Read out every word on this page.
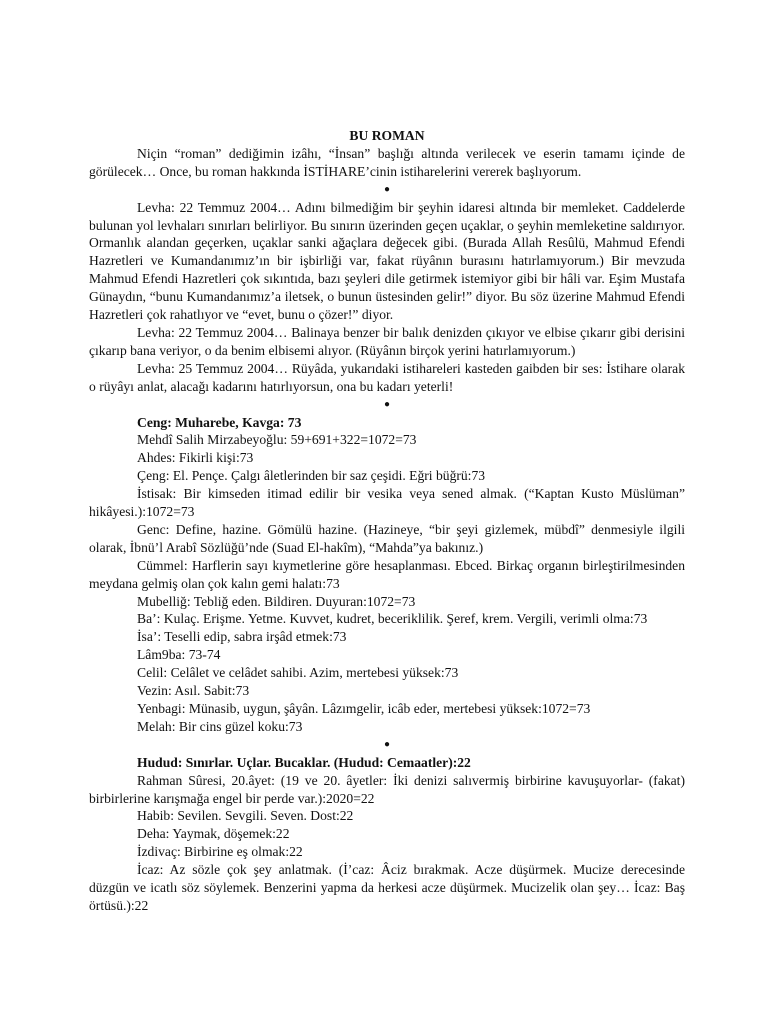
BU ROMAN

Niçin “roman” dediğimin izâhı, “İnsan” başlığı altında verilecek ve eserin tamamı içinde de görülecek… Once, bu roman hakkında İSTİHARE’cinin istiharelerini vererek başlıyorum.

●

Levha: 22 Temmuz 2004… Adını bilmediğim bir şeyhin idaresi altında bir memleket. Caddelerde bulunan yol levhaları sınırları belirliyor. Bu sınırın üzerinden geçen uçaklar, o şeyhin memleketine saldırıyor. Ormanlık alandan geçerken, uçaklar sanki ağaçlara değecek gibi. (Burada Allah Resûlü, Mahmud Efendi Hazretleri ve Kumandanımız’ın bir işbirliği var, fakat rüyânın burasını hatırlamıyorum.) Bir mevzuda Mahmud Efendi Hazretleri çok sıkıntıda, bazı şeyleri dile getirmek istemiyor gibi bir hâli var. Eşim Mustafa Günaydın, “bunu Kumandanımız’a iletsek, o bunun üstesinden gelir!” diyor. Bu söz üzerine Mahmud Efendi Hazretleri çok rahatlıyor ve “evet, bunu o çözer!” diyor.

Levha: 22 Temmuz 2004… Balinaya benzer bir balık denizden çıkıyor ve elbise çıkarır gibi derisini çıkarıp bana veriyor, o da benim elbisemi alıyor. (Rüyânın birçok yerini hatırlamıyorum.)

Levha: 25 Temmuz 2004… Rüyâda, yukarıdaki istihareleri kasteden gaibden bir ses: İstihare olarak o rüyâyı anlat, alacağı kadarını hatırlıyorsun, ona bu kadarı yeterli!

●

Ceng: Muharebe, Kavga: 73

Mehdî Salih Mirzabeyoğlu: 59+691+322=1072=73

Ahdes: Fikirli kişi:73

Çeng: El. Pençe. Çalgı âletlerinden bir saz çeşidi. Eğri büğrü:73

İstisak: Bir kimseden itimad edilir bir vesika veya sened almak. (“Kaptan Kusto Müslüman” hikâyesi.):1072=73

Genc: Define, hazine. Gömülü hazine. (Hazineye, “bir şeyi gizlemek, mübdî” denmesiyle ilgili olarak, İbnü’l Arabî Sözlüğü’nde (Suad El-hakîm), “Mahda”ya bakınız.)

Cümmel: Harflerin sayı kıymetlerine göre hesaplanması. Ebced. Birkaç organın birleştirilmesinden meydana gelmiş olan çok kalın gemi halatı:73

Mubelliğ: Tebliğ eden. Bildiren. Duyuran:1072=73

Ba’: Kulaç. Erişme. Yetme. Kuvvet, kudret, beceriklilik. Şeref, krem. Vergili, verimli olma:73

İsa’: Teselli edip, sabra irşâd etmek:73

Lâm9ba: 73-74

Celil: Celâlet ve celâdet sahibi. Azim, mertebesi yüksek:73

Vezin: Asıl. Sabit:73

Yenbagi: Münasib, uygun, şâyân. Lâzımgelir, icâb eder, mertebesi yüksek:1072=73

Melah: Bir cins güzel koku:73

●

Hudud: Sınırlar. Uçlar. Bucaklar. (Hudud: Cemaatler):22

Rahman Sûresi, 20.âyet: (19 ve 20. âyetler: İki denizi salıvermiş birbirine kavuşuyorlar- (fakat) birbirlerine karışmağa engel bir perde var.):2020=22

Habib: Sevilen. Sevgili. Seven. Dost:22

Deha: Yaymak, döşemek:22

İzdivaç: Birbirine eş olmak:22

İcaz: Az sözle çok şey anlatmak. (İ’caz: Âciz bırakmak. Acze düşürmek. Mucize derecesinde düzgün ve icatlı söz söylemek. Benzerini yapma da herkesi acze düşürmek. Mucizelik olan şey… İcaz: Baş örtüsü.):22
